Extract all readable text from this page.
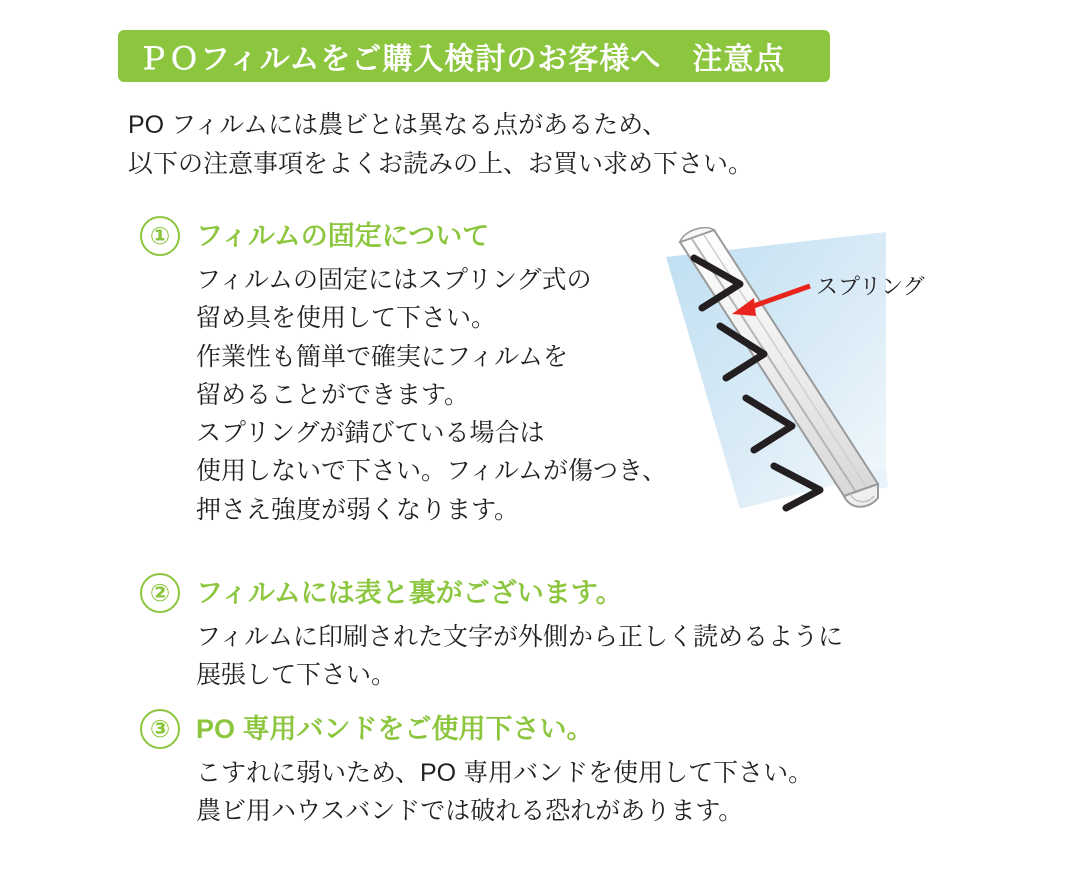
ＰＯフィルムをご購入検討のお客様へ　注意点
PO フィルムには農ビとは異なる点があるため、
以下の注意事項をよくお読みの上、お買い求め下さい。
① フィルムの固定について
フィルムの固定にはスプリング式の
留め具を使用して下さい。
作業性も簡単で確実にフィルムを
留めることができます。
スプリングが錆びている場合は
使用しないで下さい。フィルムが傷つき、
押さえ強度が弱くなります。
② フィルムには表と裏がございます。
フィルムに印刷された文字が外側から正しく読めるように
展張して下さい。
③ PO 専用バンドをご使用下さい。
こすれに弱いため、PO 専用バンドを使用して下さい。
農ビ用ハウスバンドでは破れる恐れがあります。
スプリング
